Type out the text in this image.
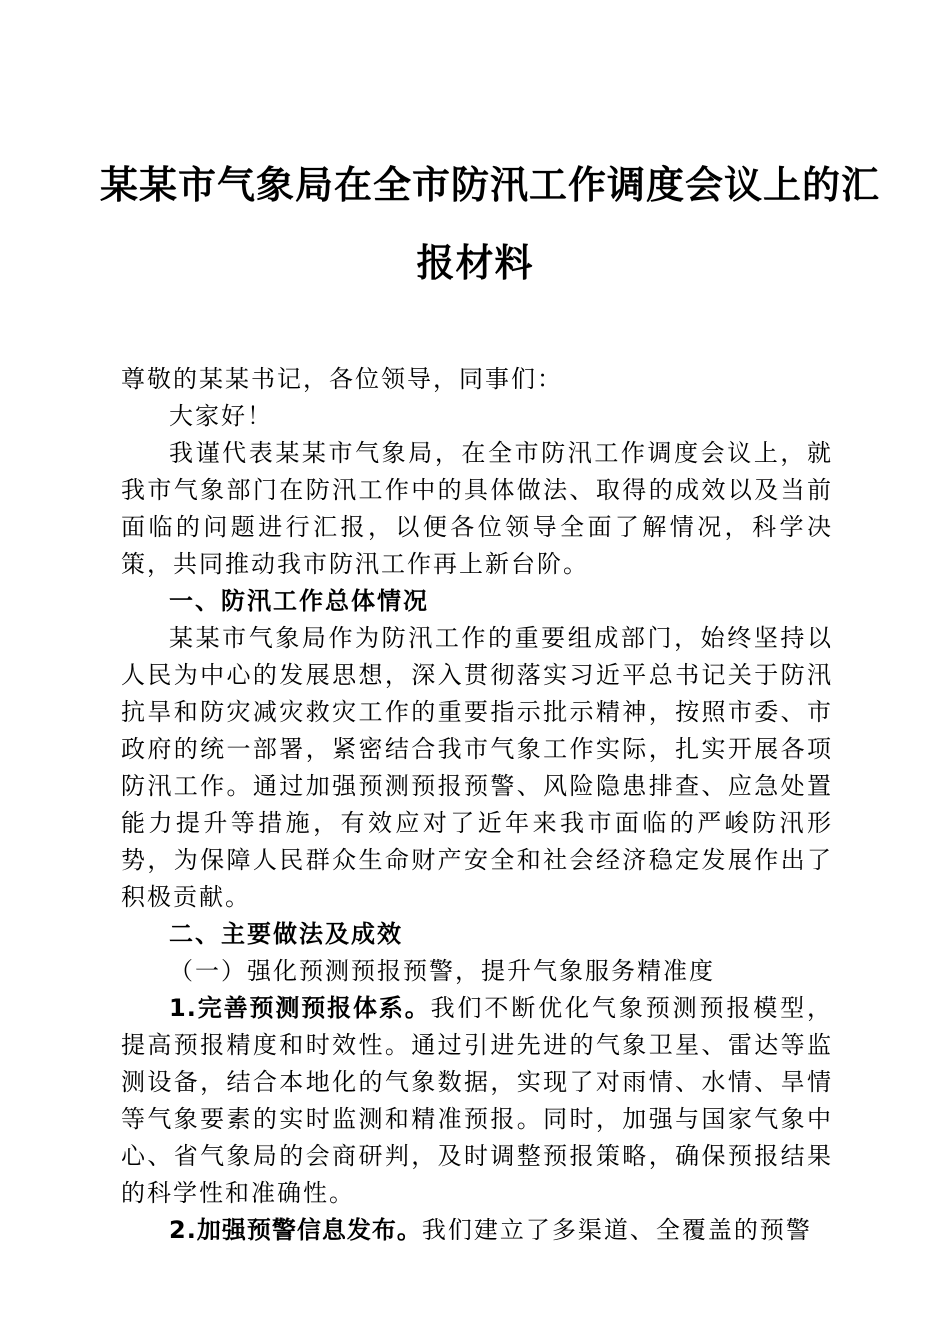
某某市气象局在全市防汛工作调度会议上的汇
报材料

尊敬的某某书记，各位领导，同事们：

大家好！

我谨代表某某市气象局，在全市防汛工作调度会议上，就我市气象部门在防汛工作中的具体做法、取得的成效以及当前面临的问题进行汇报，以便各位领导全面了解情况，科学决策，共同推动我市防汛工作再上新台阶。

一、防汛工作总体情况

某某市气象局作为防汛工作的重要组成部门，始终坚持以人民为中心的发展思想，深入贯彻落实习近平总书记关于防汛抗旱和防灾减灾救灾工作的重要指示批示精神，按照市委、市政府的统一部署，紧密结合我市气象工作实际，扎实开展各项防汛工作。通过加强预测预报预警、风险隐患排查、应急处置能力提升等措施，有效应对了近年来我市面临的严峻防汛形势，为保障人民群众生命财产安全和社会经济稳定发展作出了积极贡献。

二、主要做法及成效

（一）强化预测预报预警，提升气象服务精准度

1.完善预测预报体系。我们不断优化气象预测预报模型，提高预报精度和时效性。通过引进先进的气象卫星、雷达等监测设备，结合本地化的气象数据，实现了对雨情、水情、旱情等气象要素的实时监测和精准预报。同时，加强与国家气象中心、省气象局的会商研判，及时调整预报策略，确保预报结果的科学性和准确性。

2.加强预警信息发布。我们建立了多渠道、全覆盖的预警
